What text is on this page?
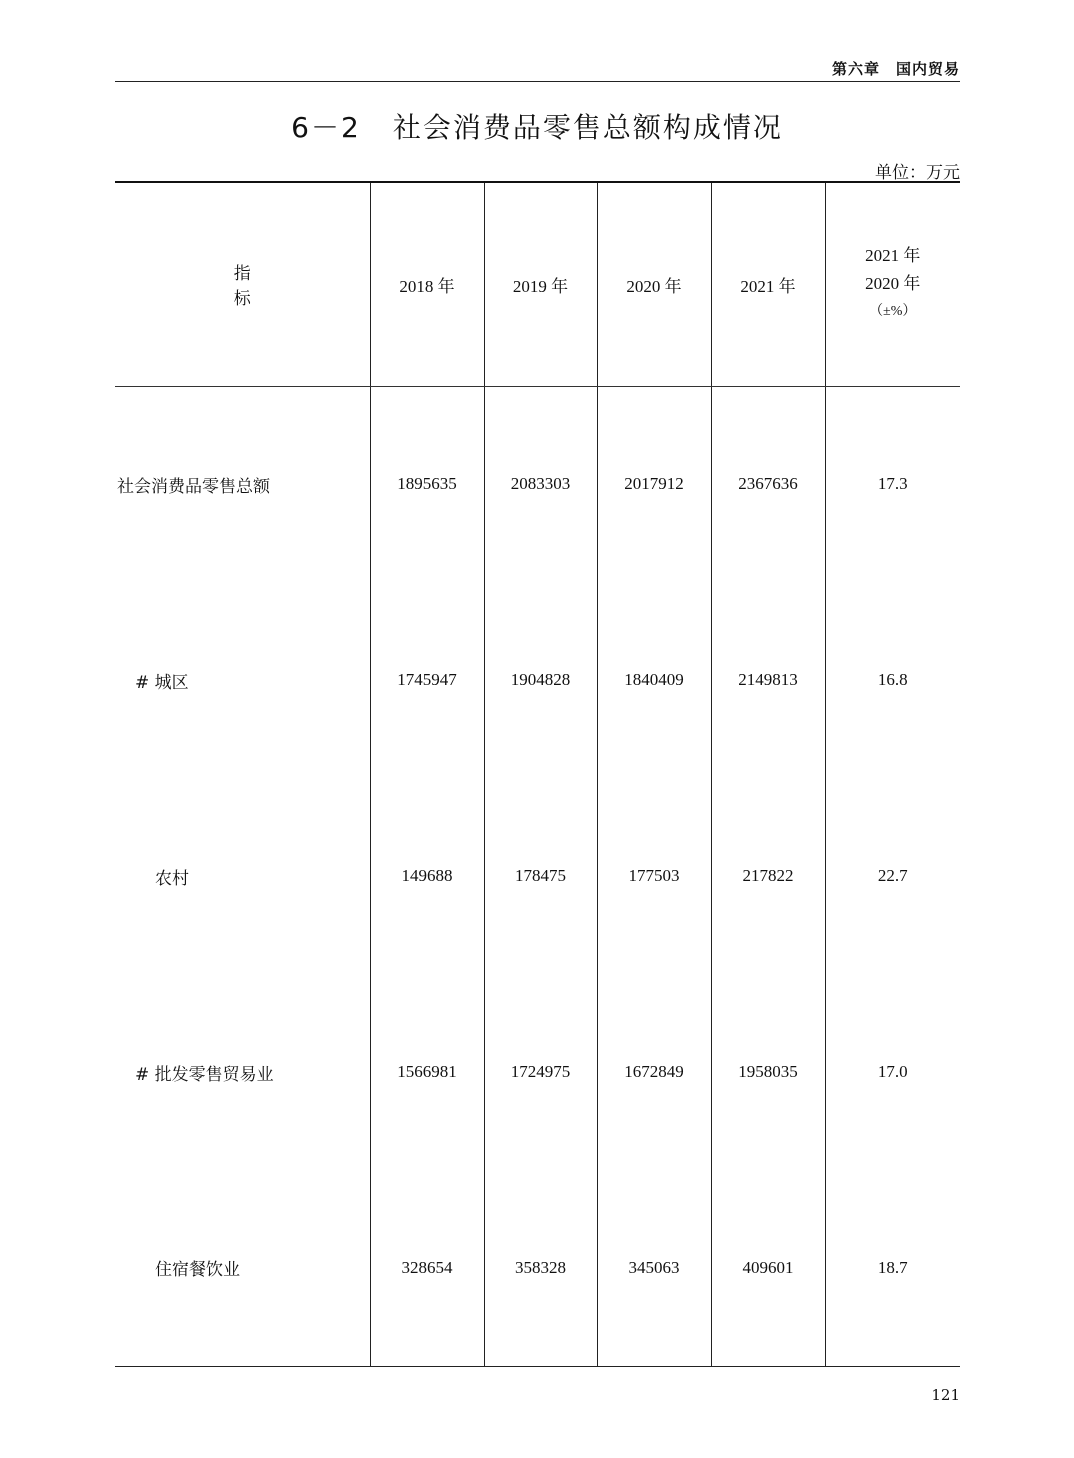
第六章　国内贸易
6－2 社会消费品零售总额构成情况
单位：万元
指　　标	2018 年	2019 年	2020 年	2021 年	2021 年
2020 年
（±%）

社会消费品零售总额	1895635	2083303	2017912	2367636	17.3
# 城区	1745947	1904828	1840409	2149813	16.8
农村	149688	178475	177503	217822	22.7
# 批发零售贸易业	1566981	1724975	1672849	1958035	17.0
住宿餐饮业	328654	358328	345063	409601	18.7
121
